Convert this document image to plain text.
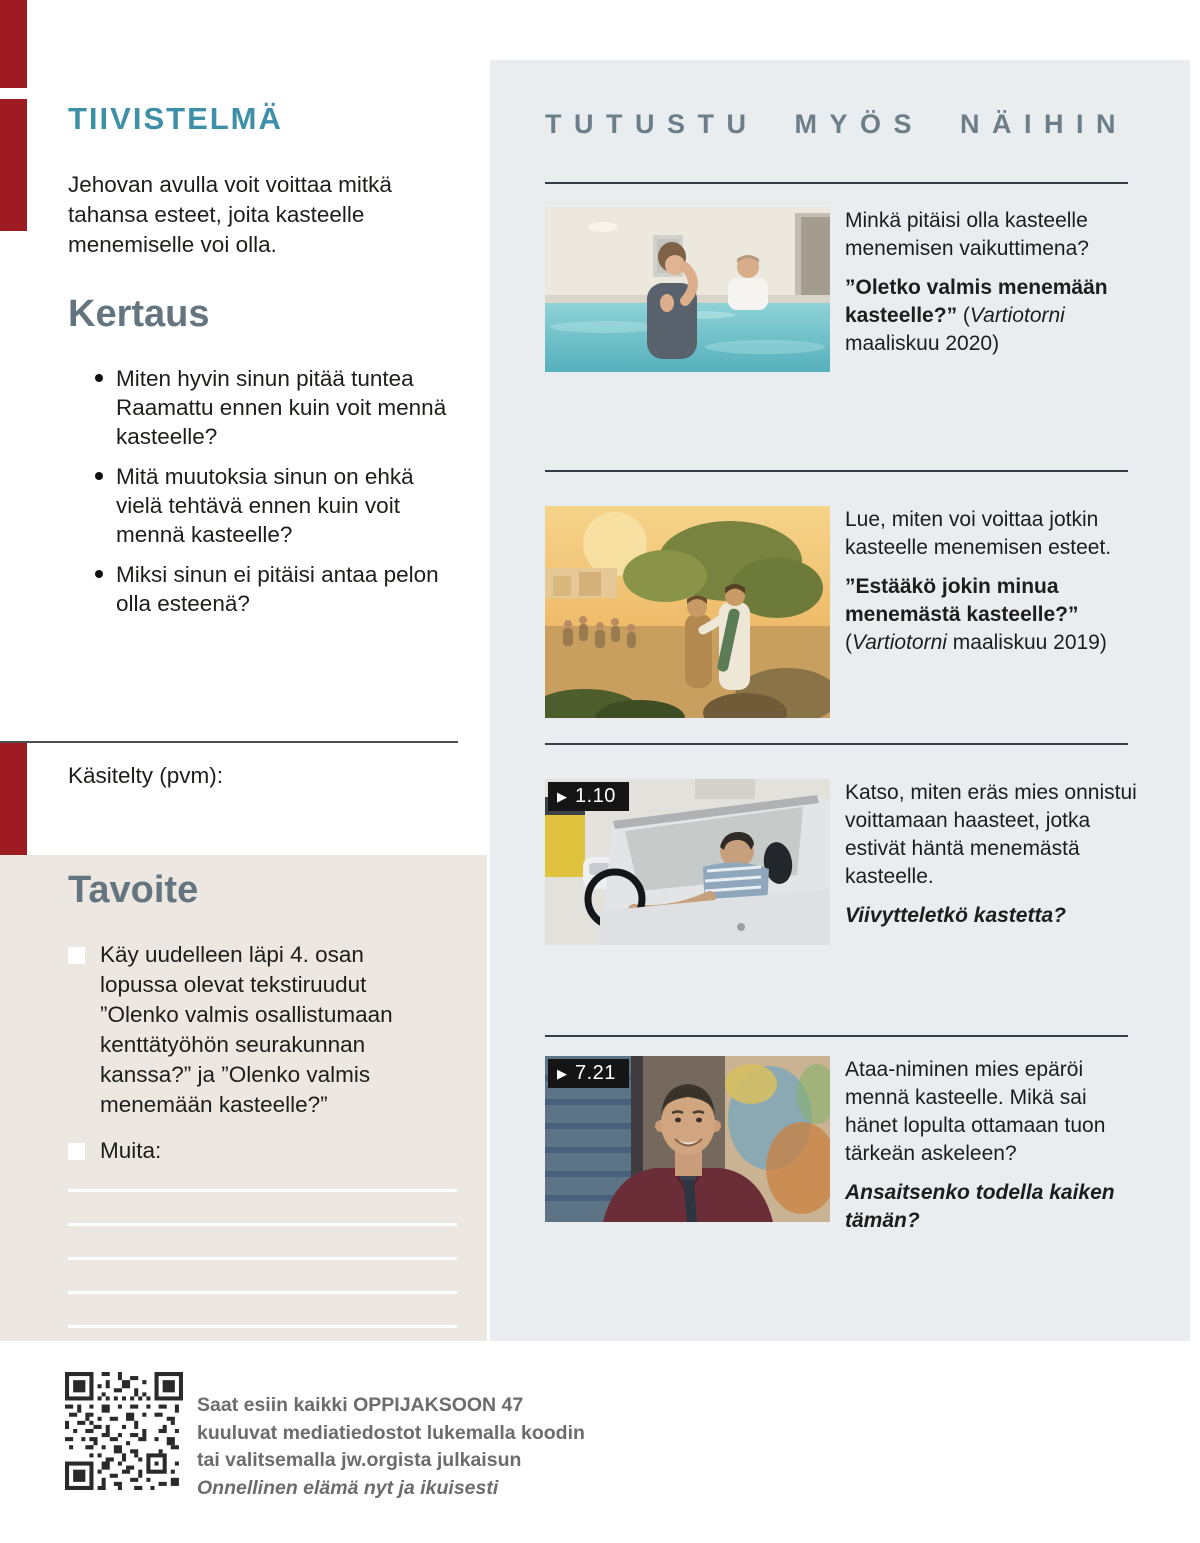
TIIVISTELMÄ

Jehovan avulla voit voittaa mitkä tahansa esteet, joita kasteelle menemiselle voi olla.

Kertaus
Miten hyvin sinun pitää tuntea Raamattu ennen kuin voit mennä kasteelle?
Mitä muutoksia sinun on ehkä vielä tehtävä ennen kuin voit mennä kasteelle?
Miksi sinun ei pitäisi antaa pelon olla esteenä?
Käsitelty (pvm):
Tavoite
Käy uudelleen läpi 4. osan lopussa olevat tekstiruudut ”Olenko valmis osallistumaan kenttätyöhön seurakunnan kanssa?” ja ”Olenko valmis menemään kasteelle?”
Muita:
TUTUSTU MYÖS NÄIHIN

Minkä pitäisi olla kasteelle menemisen vaikuttimena?

”Oletko valmis menemään kasteelle?” (Vartiotorni maaliskuu 2020)

Lue, miten voi voittaa jotkin kasteelle menemisen esteet.

”Estääkö jokin minua menemästä kasteelle?”
(Vartiotorni maaliskuu 2019)

▶ 1.10	Katso, miten eräs mies onnistui voittamaan haasteet, jotka estivät häntä menemästä kasteelle.

Viivytteletkö kastetta?

▶ 7.21	Ataa-niminen mies epäröi mennä kasteelle. Mikä sai hänet lopulta ottamaan tuon tärkeän askeleen?

Ansaitsenko todella kaiken tämän?

Saat esiin kaikki OPPIJAKSOON 47
kuuluvat mediatiedostot lukemalla koodin
tai valitsemalla jw.orgista julkaisun
Onnellinen elämä nyt ja ikuisesti
